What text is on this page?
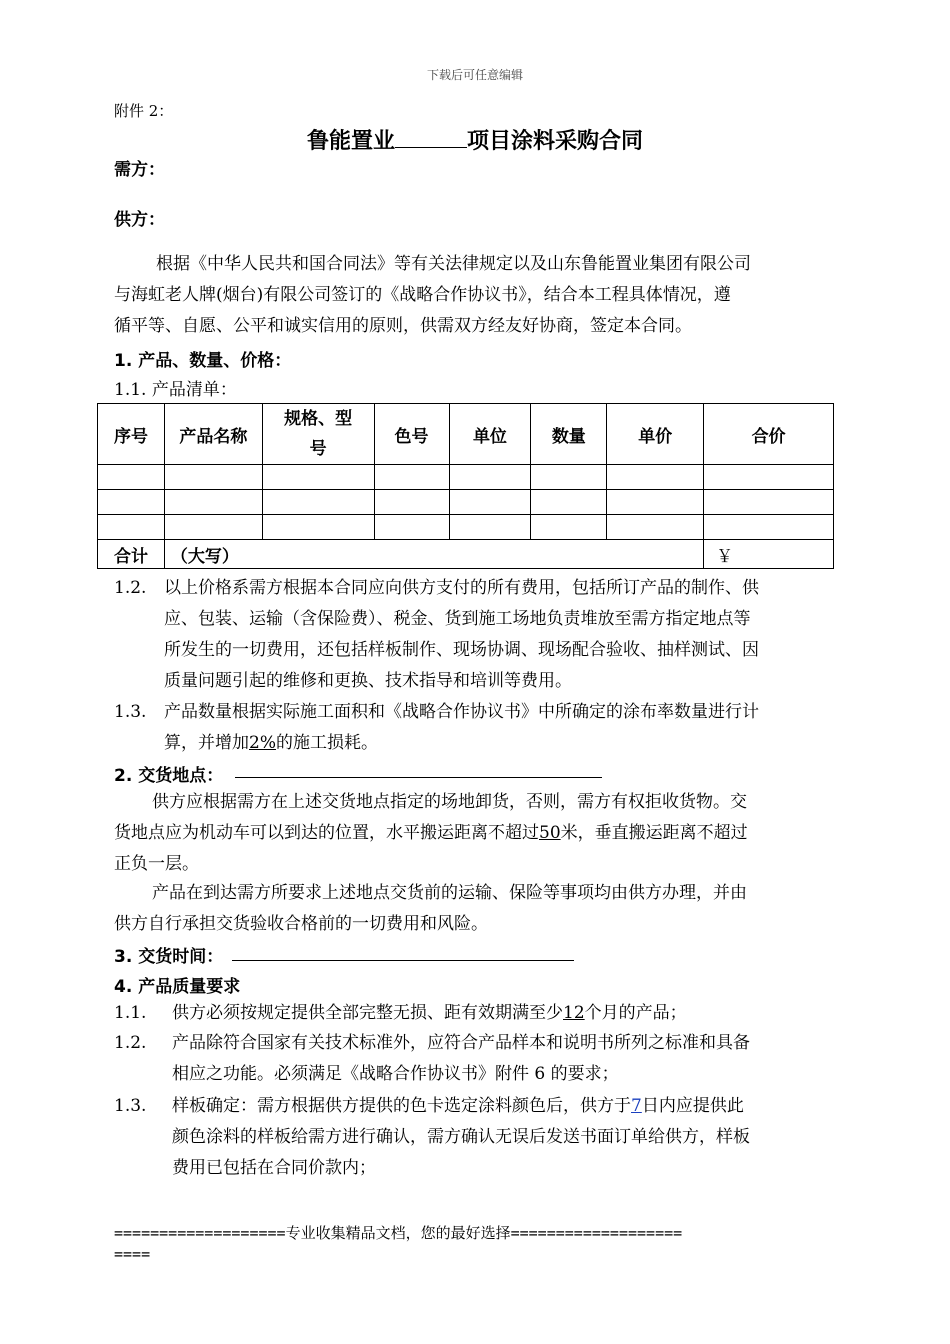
下载后可任意编辑
附件 2：
鲁能置业	项目涂料采购合同
需方：
供方：
根据《中华人民共和国合同法》等有关法律规定以及山东鲁能置业集团有限公司
与海虹老人牌(烟台)有限公司签订的《战略合作协议书》，结合本工程具体情况，遵
循平等、自愿、公平和诚实信用的原则，供需双方经友好协商，签定本合同。
1. 产品、数量、价格：
1.1. 产品清单：
序号	产品名称	规格、型
号	色号	单位	数量	单价	合价

合计	（大写）						￥
1.2. 以上价格系需方根据本合同应向供方支付的所有费用，包括所订产品的制作、供
应、包装、运输（含保险费）、税金、货到施工场地负责堆放至需方指定地点等
所发生的一切费用，还包括样板制作、现场协调、现场配合验收、抽样测试、因
质量问题引起的维修和更换、技术指导和培训等费用。
1.3. 产品数量根据实际施工面积和《战略合作协议书》中所确定的涂布率数量进行计
算，并增加2%的施工损耗。
2. 交货地点：
供方应根据需方在上述交货地点指定的场地卸货，否则，需方有权拒收货物。交
货地点应为机动车可以到达的位置，水平搬运距离不超过50米，垂直搬运距离不超过
正负一层。
产品在到达需方所要求上述地点交货前的运输、保险等事项均由供方办理，并由
供方自行承担交货验收合格前的一切费用和风险。
3. 交货时间：
4. 产品质量要求
1.1. 供方必须按规定提供全部完整无损、距有效期满至少12个月的产品；
1.2. 产品除符合国家有关技术标准外，应符合产品样本和说明书所列之标准和具备
相应之功能。必须满足《战略合作协议书》附件 6 的要求；
1.3. 样板确定：需方根据供方提供的色卡选定涂料颜色后，供方于7日内应提供此
颜色涂料的样板给需方进行确认，需方确认无误后发送书面订单给供方，样板
费用已包括在合同价款内；
===================专业收集精品文档，您的最好选择===================
====
